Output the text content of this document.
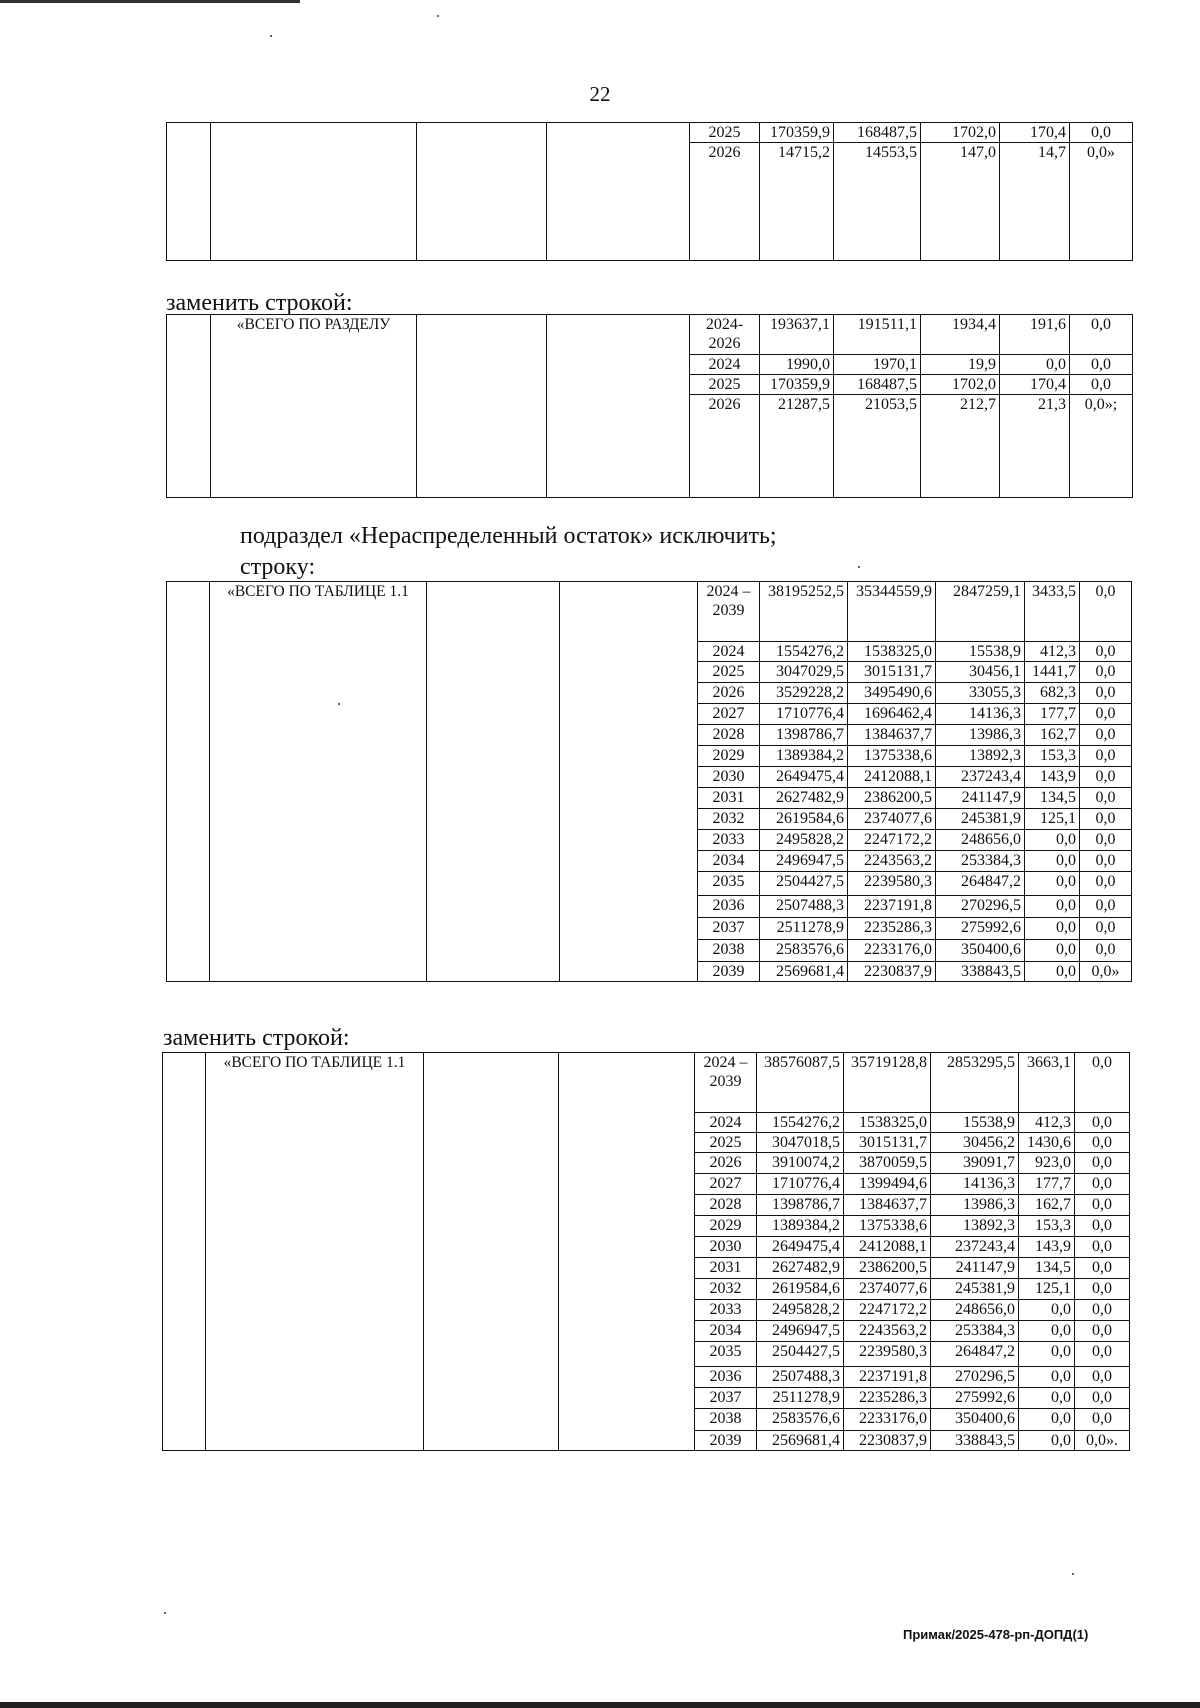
22
				2025	170359,9	168487,5	1702,0	170,4	0,0
				2026	14715,2	14553,5	147,0	14,7	0,0»
заменить строкой:
	«ВСЕГО ПО РАЗДЕЛУ			2024-2026	193637,1	191511,1	1934,4	191,6	0,0
				2024	1990,0	1970,1	19,9	0,0	0,0
				2025	170359,9	168487,5	1702,0	170,4	0,0
				2026	21287,5	21053,5	212,7	21,3	0,0»;
подраздел «Нераспределенный остаток» исключить;
строку:
	«ВСЕГО ПО ТАБЛИЦЕ 1.1			2024 – 2039	38195252,5	35344559,9	2847259,1	3433,5	0,0
				2024	1554276,2	1538325,0	15538,9	412,3	0,0
				2025	3047029,5	3015131,7	30456,1	1441,7	0,0
				2026	3529228,2	3495490,6	33055,3	682,3	0,0
				2027	1710776,4	1696462,4	14136,3	177,7	0,0
				2028	1398786,7	1384637,7	13986,3	162,7	0,0
				2029	1389384,2	1375338,6	13892,3	153,3	0,0
				2030	2649475,4	2412088,1	237243,4	143,9	0,0
				2031	2627482,9	2386200,5	241147,9	134,5	0,0
				2032	2619584,6	2374077,6	245381,9	125,1	0,0
				2033	2495828,2	2247172,2	248656,0	0,0	0,0
				2034	2496947,5	2243563,2	253384,3	0,0	0,0
				2035	2504427,5	2239580,3	264847,2	0,0	0,0
				2036	2507488,3	2237191,8	270296,5	0,0	0,0
				2037	2511278,9	2235286,3	275992,6	0,0	0,0
				2038	2583576,6	2233176,0	350400,6	0,0	0,0
				2039	2569681,4	2230837,9	338843,5	0,0	0,0»
заменить строкой:
	«ВСЕГО ПО ТАБЛИЦЕ 1.1			2024 – 2039	38576087,5	35719128,8	2853295,5	3663,1	0,0
				2024	1554276,2	1538325,0	15538,9	412,3	0,0
				2025	3047018,5	3015131,7	30456,2	1430,6	0,0
				2026	3910074,2	3870059,5	39091,7	923,0	0,0
				2027	1710776,4	1399494,6	14136,3	177,7	0,0
				2028	1398786,7	1384637,7	13986,3	162,7	0,0
				2029	1389384,2	1375338,6	13892,3	153,3	0,0
				2030	2649475,4	2412088,1	237243,4	143,9	0,0
				2031	2627482,9	2386200,5	241147,9	134,5	0,0
				2032	2619584,6	2374077,6	245381,9	125,1	0,0
				2033	2495828,2	2247172,2	248656,0	0,0	0,0
				2034	2496947,5	2243563,2	253384,3	0,0	0,0
				2035	2504427,5	2239580,3	264847,2	0,0	0,0
				2036	2507488,3	2237191,8	270296,5	0,0	0,0
				2037	2511278,9	2235286,3	275992,6	0,0	0,0
				2038	2583576,6	2233176,0	350400,6	0,0	0,0
				2039	2569681,4	2230837,9	338843,5	0,0	0,0».
Примак/2025-478-рп-ДОПД(1)
